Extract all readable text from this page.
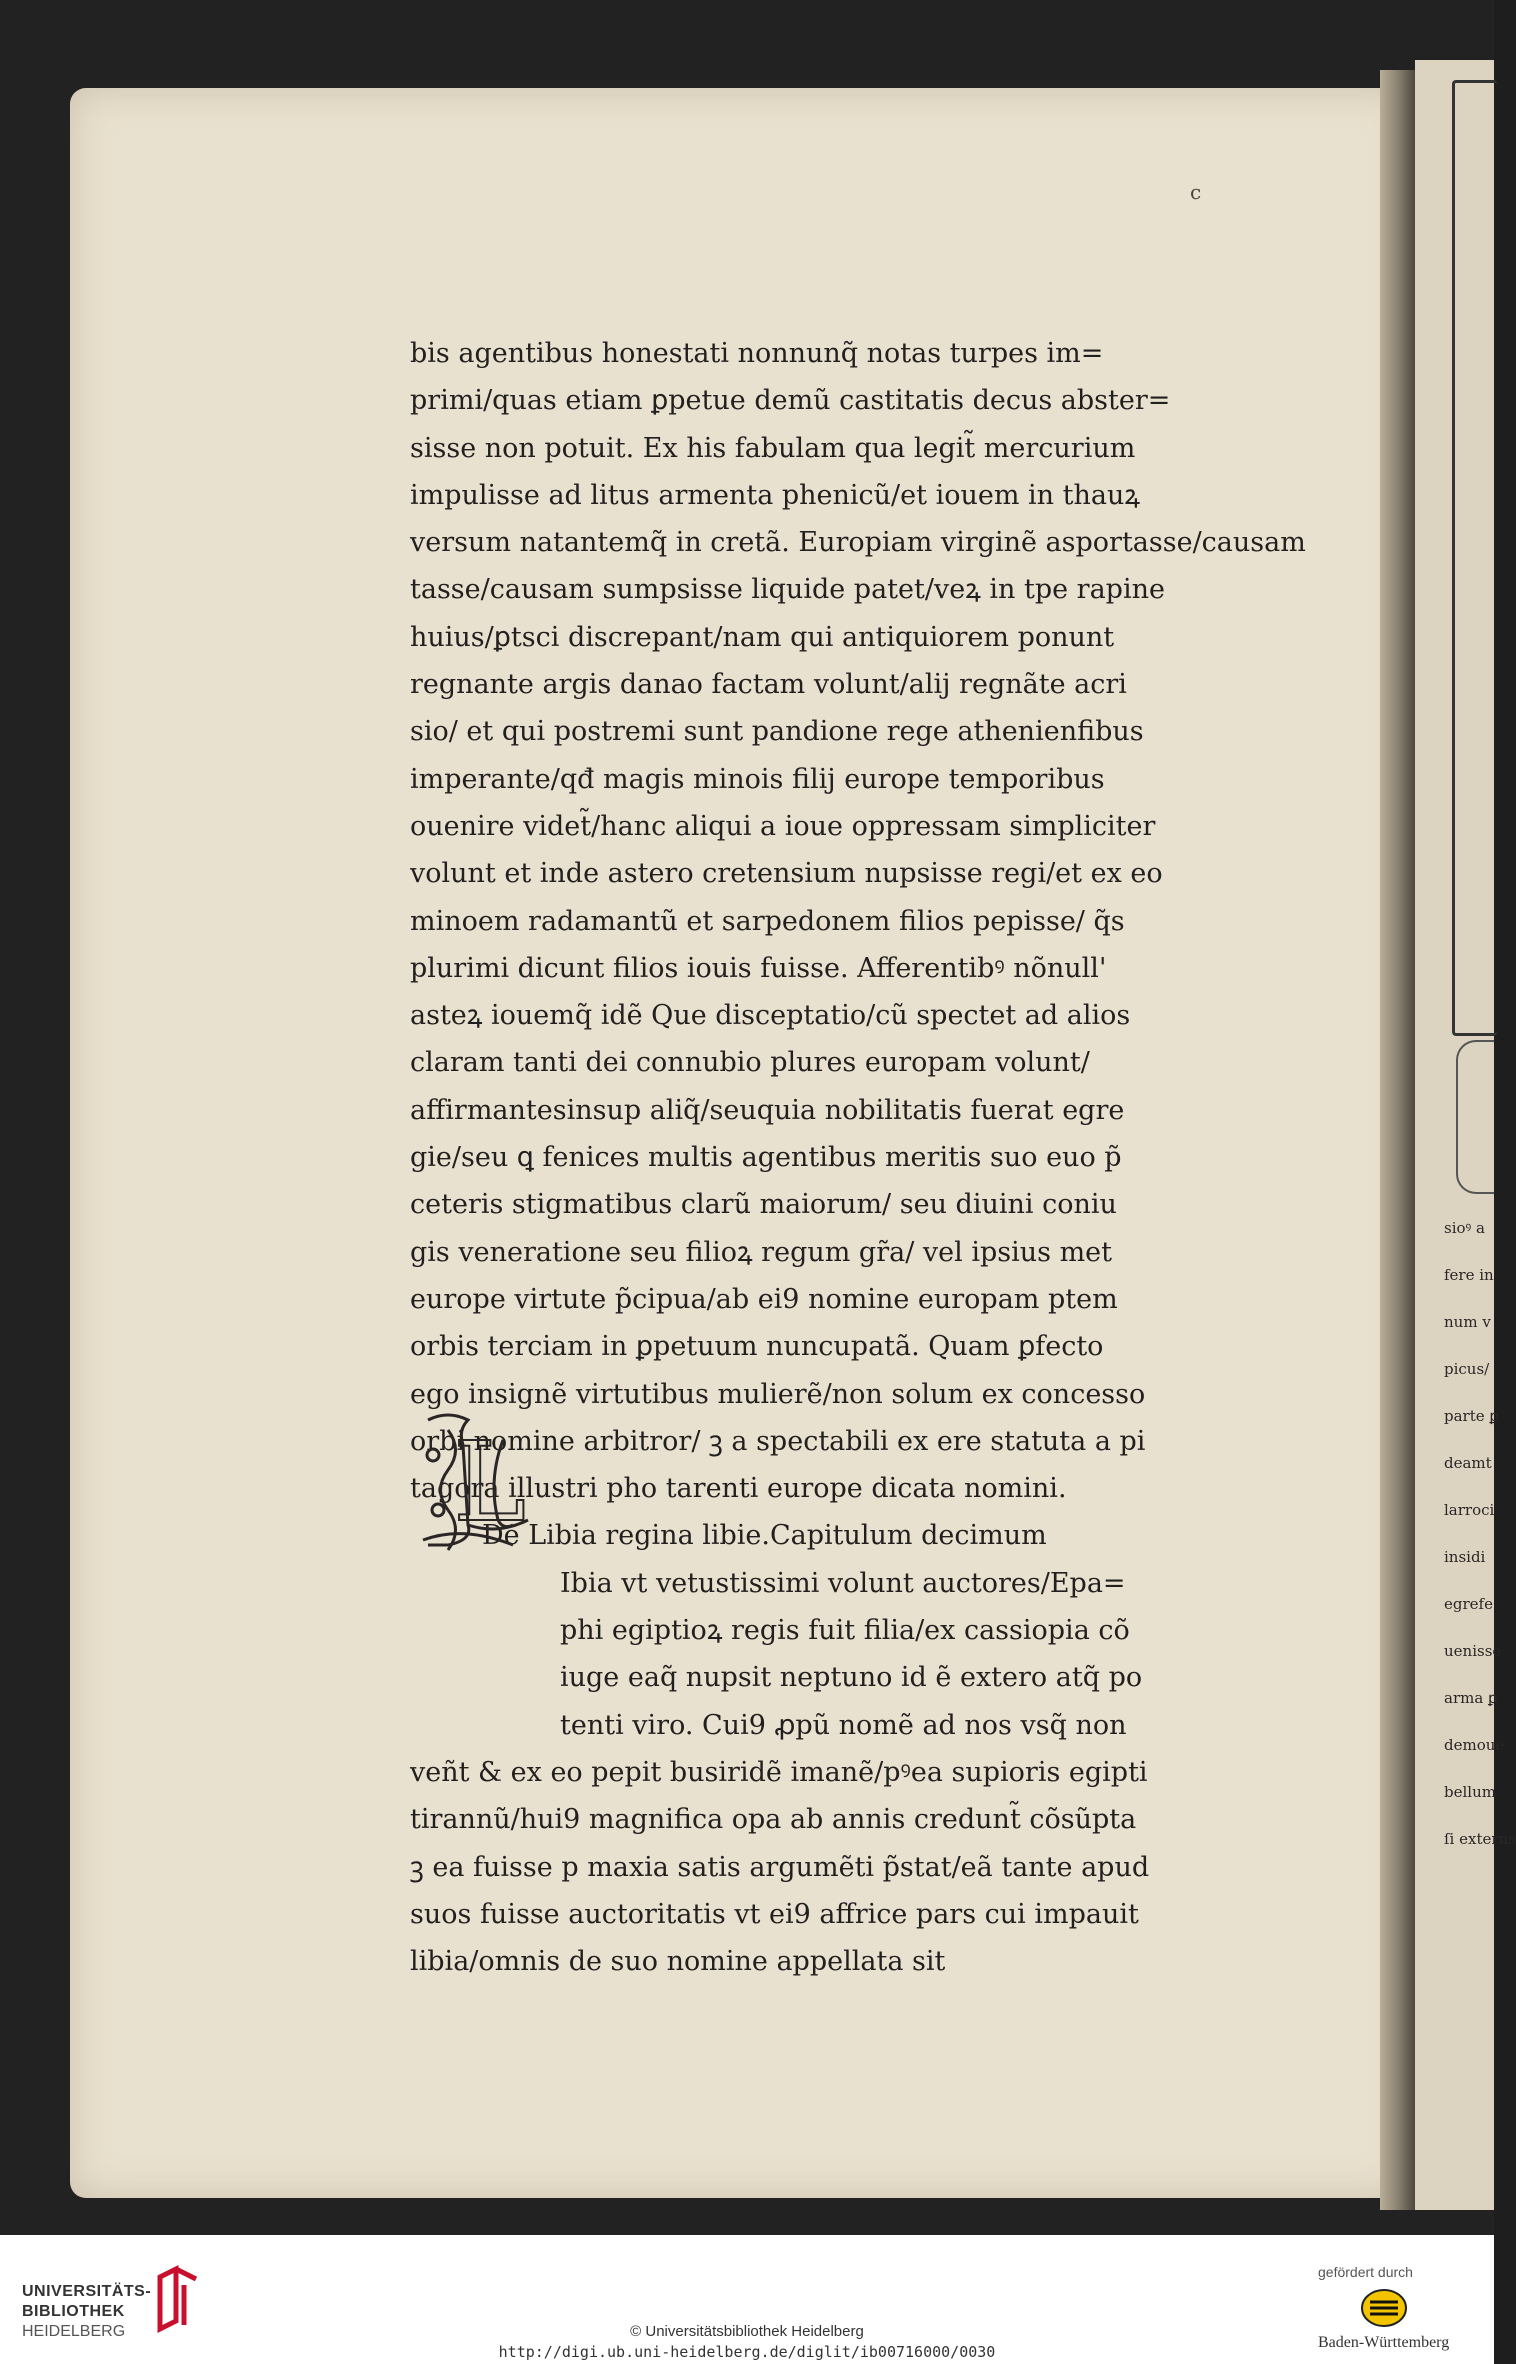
sioꝰ a
fere in
num v
picus/
parte ꝑ
deamt
larroci
insidi
egrefe
uenisse
arma ꝑ
demoue
bellum
ſi externs
c
bis agentibus honestati nonnunq̃ notas turpes im=
primi/quas etiam ꝑpetue demũ castitatis decus abster=
sisse non potuit. Ex his fabulam qua legit̃ mercurium
impulisse ad litus armenta phenicũ/et iouem in thauꝝ
versum natantemq̃ in cretã. Europiam virginẽ asportasse/causam
tasse/causam sumpsisse liquide patet/veꝝ in tpe rapine
huius/ꝑtsci discrepant/nam qui antiquiorem ponunt
regnante argis danao factam volunt/alij regnãte acri
sio/ et qui postremi sunt pandione rege athenienfibus
imperante/qđ magis minois filij europe temporibus
ouenire videt̃/hanc aliqui a ioue oppressam simpliciter
volunt et inde astero cretensium nupsisse regi/et ex eo
minoem radamantũ et sarpedonem filios pepisse/ q̃s
plurimi dicunt filios iouis fuisse. Afferentibꝰ nõnull'
asteꝝ iouemq̃ idẽ Que disceptatio/cũ spectet ad alios
claram tanti dei connubio plures europam volunt/
affirmantesinsup aliq̃/seuquia nobilitatis fuerat egre
gie/seu ꝗ fenices multis agentibus meritis suo euo p̃
ceteris stigmatibus clarũ maiorum/ seu diuini coniu
gis veneratione seu filioꝝ regum gr̃a/ vel ipsius met
europe virtute p̃cipua/ab ei9 nomine europam ptem
orbis terciam in ꝑpetuum nuncupatã. Quam ꝑfecto
ego insignẽ virtutibus mulierẽ/non solum ex concesso
orbi nomine arbitror/ ꝫ a spectabili ex ere statuta a pi
tagora illustri pho tarenti europe dicata nomini.
De Libia regina libie.Capitulum decimum
Ibia vt vetustissimi volunt auctores/Epa=
phi egiptioꝝ regis fuit filia/ex cassiopia cõ
iuge eaq̃ nupsit neptuno id ẽ extero atq̃ po
tenti viro. Cui9 ꝓpũ nomẽ ad nos vsq̃ non
veñt & ex eo pepit busiridẽ imanẽ/pꝰea supioris egipti
tirannũ/hui9 magnifica opa ab annis credunt̃ cõsũpta
ꝫ ea fuisse p maxia satis argumẽti p̃stat/eã tante apud
suos fuisse auctoritatis vt ei9 affrice pars cui impauit
libia/omnis de suo nomine appellata sit
L
UNIVERSITÄTS-
BIBLIOTHEK
HEIDELBERG	© Universitätsbibliothek Heidelberg
http://digi.ub.uni-heidelberg.de/diglit/ib00716000/0030
gefördert durch
Baden-Württemberg
